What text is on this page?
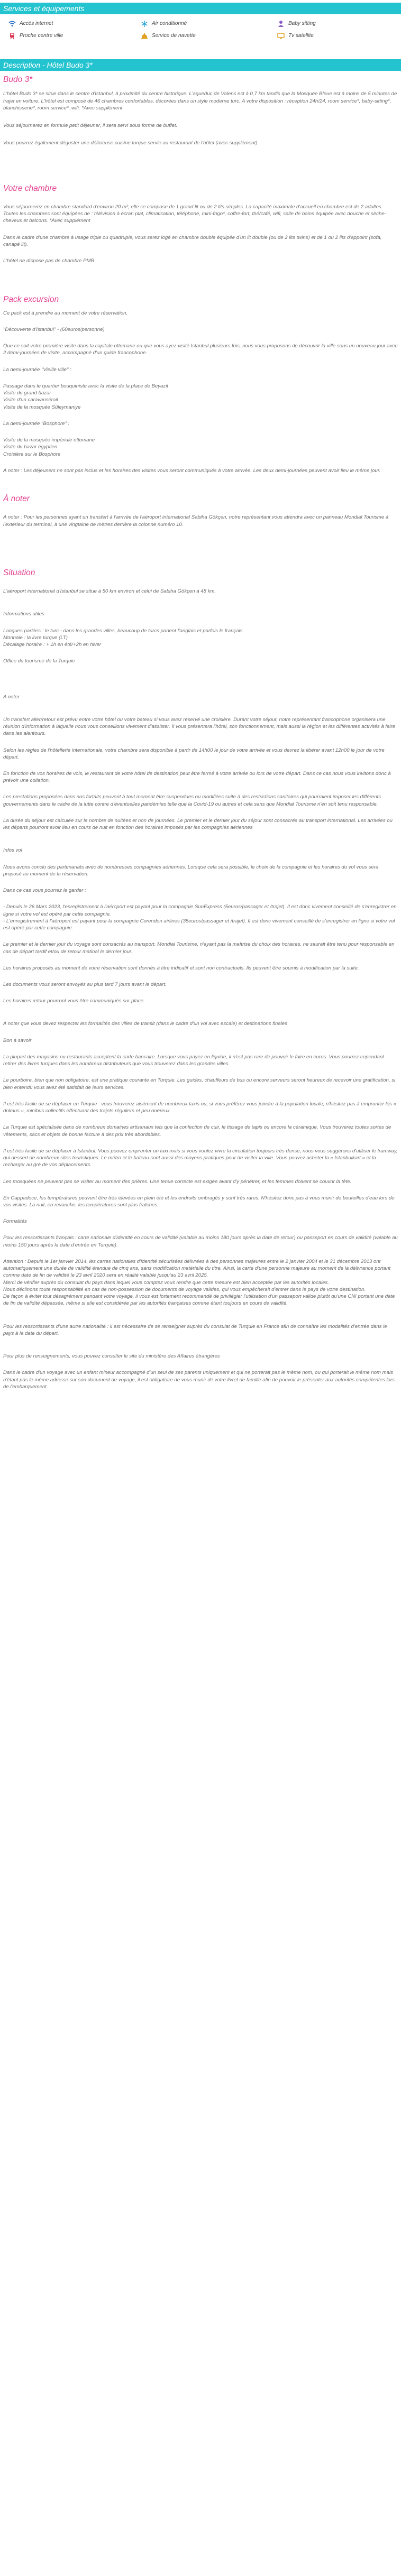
Services et équipements
Accès internet	Air conditionné	Baby sitting
Proche centre ville	Service de navette	Tv satellite
Description - Hôtel Budo 3*
Budo 3*

L'hôtel Budo 3* se situe dans le centre d'Istanbul, à proximité du centre historique. L'aqueduc de Valens est à 0,7 km tandis que la Mosquée Bleue est à moins de 5 minutes de trajet en voiture. L'hôtel est composé de 46 chambres confortables, décorées dans un style moderne turc. A votre disposition : réception 24h/24, room service*, baby-sitting*, blanchisserie*, room service*, wifi. *Avec supplément

Vous séjournerez en formule petit déjeuner, il sera servi sous forme de buffet.

Vous pourrez également déguster une délicieuse cuisine turque servie au restaurant de l'hôtel (avec supplément).

Votre chambre

Vous séjournerez en chambre standard d'environ 20 m², elle se compose de 1 grand lit ou de 2 lits simples. La capacité maximale d'accueil en chambre est de 2 adultes. Toutes les chambres sont équipées de : télévision à écran plat, climatisation, téléphone, mini-frigo*, coffre-fort, thé/café, wifi, salle de bains équipée avec douche et sèche-cheveux et balcons. *Avec supplément

Dans le cadre d'une chambre à usage triple ou quadruple, vous serez logé en chambre double équipée d'un lit double (ou de 2 lits twins) et de 1 ou 2 lits d'appoint (sofa, canapé lit).

L'hôtel ne dispose pas de chambre PMR.

Pack excursion

Ce pack est à prendre au moment de votre réservation.

"Découverte d'Istanbul" - (60euros/personne)

Que ce soit votre première visite dans la capitale ottomane ou que vous ayez visité Istanbul plusieurs fois, nous vous proposons de découvrir la ville sous un nouveau jour avec 2 demi-journées de visite, accompagné d'un guide francophone.

La demi-journée "Vieille ville" :

Passage dans le quartier bouquiniste avec la visite de la place de Beyazit
Visite du grand bazar
Visite d'un caravansérail
Visite de la mosquée Süleymaniye

La demi-journée "Bosphore" :

Visite de la mosquée impériale ottomane
Visite du bazar égyptien
Croisière sur le Bosphore

A noter : Les déjeuners ne sont pas inclus et les horaires des visites vous seront communiqués à votre arrivée. Les deux demi-journées peuvent avoir lieu le même jour.

À noter

A noter : Pour les personnes ayant un transfert à l'arrivée de l'aéroport international Sabiha Gökçen, notre représentant vous attendra avec un panneau Mondial Tourisme à l'extérieur du terminal, à une vingtaine de mètres derrière la colonne numéro 10.

Situation

L'aéroport international d'Istanbul se situe à 50 km environ et celui de Sabiha Gökçen à 48 km.

Informations utiles

Langues parlées : le turc - dans les grandes villes, beaucoup de turcs parlent l'anglais et parfois le français
Monnaie : la livre turque (LT)
Décalage horaire : + 1h en été/+2h en hiver

Office du tourisme de la Turquie

A noter

Un transfert aller/retour est prévu entre votre hôtel ou votre bateau si vous avez réservé une croisière. Durant votre séjour, notre représentant francophone organisera une réunion d'information à laquelle nous vous conseillons vivement d'assister. Il vous présentera l'hôtel, son fonctionnement, mais aussi la région et les différentes activités à faire dans les alentours.

Selon les règles de l'hôtellerie internationale, votre chambre sera disponible à partir de 14h00 le jour de votre arrivée et vous devrez la libérer avant 12h00 le jour de votre départ.

En fonction de vos horaires de vols, le restaurant de votre hôtel de destination peut être fermé à votre arrivée ou lors de votre départ. Dans ce cas nous vous invitons donc à prévoir une collation.

Les prestations proposées dans nos fortaits peuvent à tout moment être suspendues ou modifiées suite à des restrictions sanitaires qui pourraient imposer les différents gouvernements dans le cadre de la lutte contre d'éventuelles pandémies telle que la Covid-19 ou autres et cela sans que Mondial Tourisme n'en soit tenu responsable.

La durée du séjour est calculée sur le nombre de nuitées et non de journées. Le premier et le dernier jour du séjour sont consacrés au transport international. Les arrivées ou les départs pourront avoir lieu en cours de nuit en fonction des horaires imposés par les compagnies aériennes

Infos vol

Nous avons conclu des partenariats avec de nombreuses compagnies aériennes. Lorsque cela sera possible, le choix de la compagnie et les horaires du vol vous sera proposé au moment de la réservation.

Dans ce cas vous pourrez le garder :

- Depuis le 26 Mars 2023, l'enregistrement à l'aéroport est payant pour la compagnie SunExpress (5euros/passager et /trajet). Il est donc vivement conseillé de s'enregistrer en ligne si votre vol est opéré par cette compagnie.
- L'enregistrement à l'aéroport est payant pour la compagnie Corendon airlines (35euros/passager et /trajet). Il est donc vivement conseillé de s'enregistrer en ligne si votre vol est opéré par cette compagnie.

Le premier et le dernier jour du voyage sont consacrés au transport. Mondial Tourisme, n'ayant pas la maîtrise du choix des horaires, ne saurait être tenu pour responsable en cas de départ tardif et/ou de retour matinal le dernier jour.

Les horaires proposés au moment de votre réservation sont donnés à titre indicatif et sont non contractuels. Ils peuvent être soumis à modification par la suite.

Les documents vous seront envoyés au plus tard 7 jours avant le départ.

Les horaires retour pourront vous être communiqués sur place.

A noter que vous devez respecter les formalités des villes de transit (dans le cadre d'un vol avec escale) et destinations finales

Bon à savoir

La plupart des magasins ou restaurants acceptent la carte bancaire. Lorsque vous payez en liquide, il n'est pas rare de pouvoir le faire en euros. Vous pourrez cependant retirer des livres turques dans les nombreux distributeurs que vous trouverez dans les grandes villes.

Le pourboire, bien que non obligatoire, est une pratique courante en Turquie. Les guides, chauffeurs de bus ou encore serveurs seront heureux de recevoir une gratification, si bien entendu vous avez été satisfait de leurs services.

Il est très facile de se déplacer en Turquie : vous trouverez aisément de nombreux taxis ou, si vous préférez vous joindre à la population locale, n'hésitez pas à emprunter les « dolmus », minibus collectifs effectuant des trajets réguliers et peu onéreux.

La Turquie est spécialisée dans de nombreux domaines artisanaux tels que la confection de cuir, le tissage de tapis ou encore la céramique. Vous trouverez toutes sortes de vêtements, sacs et objets de bonne facture à des prix très abordables.

Il est très facile de se déplacer à Istanbul. Vous pouvez emprunter un taxi mais si vous voulez vivre la circulation toujours très dense, nous vous suggérons d'utiliser le tramway, qui dessert de nombreux sites touristiques. Le métro et le bateau sont aussi des moyens pratiques pour de visiter la ville. Vous pouvez acheter la « Istanbulkart » et la recharger au gré de vos déplacements.

Les mosquées ne peuvent pas se visiter au moment des prières. Une tenue correcte est exigée avant d'y pénétrer, et les femmes doivent se couvrir la tête.

En Cappadoce, les températures peuvent être très élevées en plein été et les endroits ombragés y sont très rares. N'hésitez donc pas à vous munir de bouteilles d'eau lors de vos visites. La nuit, en revanche, les températures sont plus fraîches.

Formalités

Pour les ressortissants français : carte nationale d'identité en cours de validité (valable au moins 180 jours après la date de retour) ou passeport en cours de validité (valable au moins 150 jours après la date d'entrée en Turquie).

Attention : Depuis le 1er janvier 2014, les cartes nationales d'identité sécurisées délivrées à des personnes majeures entre le 2 janvier 2004 et le 31 décembre 2013 ont automatiquement une durée de validité étendue de cinq ans, sans modification matérielle du titre. Ainsi, la carte d'une personne majeure au moment de la délivrance portant comme date de fin de validité le 23 avril 2020 sera en réalité valable jusqu'au 23 avril 2025.
Merci de vérifier auprès du consulat du pays dans lequel vous comptez vous rendre que cette mesure est bien acceptée par les autorités locales.
Nous déclinons toute responsabilité en cas de non-possession de documents de voyage valides, qui vous empêcherait d'entrer dans le pays de votre destination.
De façon à éviter tout désagrément pendant votre voyage, il vous est fortement recommandé de privilégier l'utilisation d'un passeport valide plutôt qu'une CNI portant une date de fin de validité dépassée, même si elle est considérée par les autorités françaises comme étant toujours en cours de validité.

Pour les ressortissants d'une autre nationalité : il est nécessaire de se renseigner auprès du consulat de Turquie en France afin de connaître les modalités d'entrée dans le pays à la date du départ.

Pour plus de renseignements, vous pouvez consulter le site du ministère des Affaires étrangères

Dans le cadre d'un voyage avec un enfant mineur accompagné d'un seul de ses parents uniquement et qui ne porterait pas le même nom, ou qui porterait le même nom mais n'étant pas le même adresse sur son document de voyage, il est obligatoire de vous munir de votre livret de famille afin de pouvoir le présenter aux autorités compétentes lors de l'embarquement.
